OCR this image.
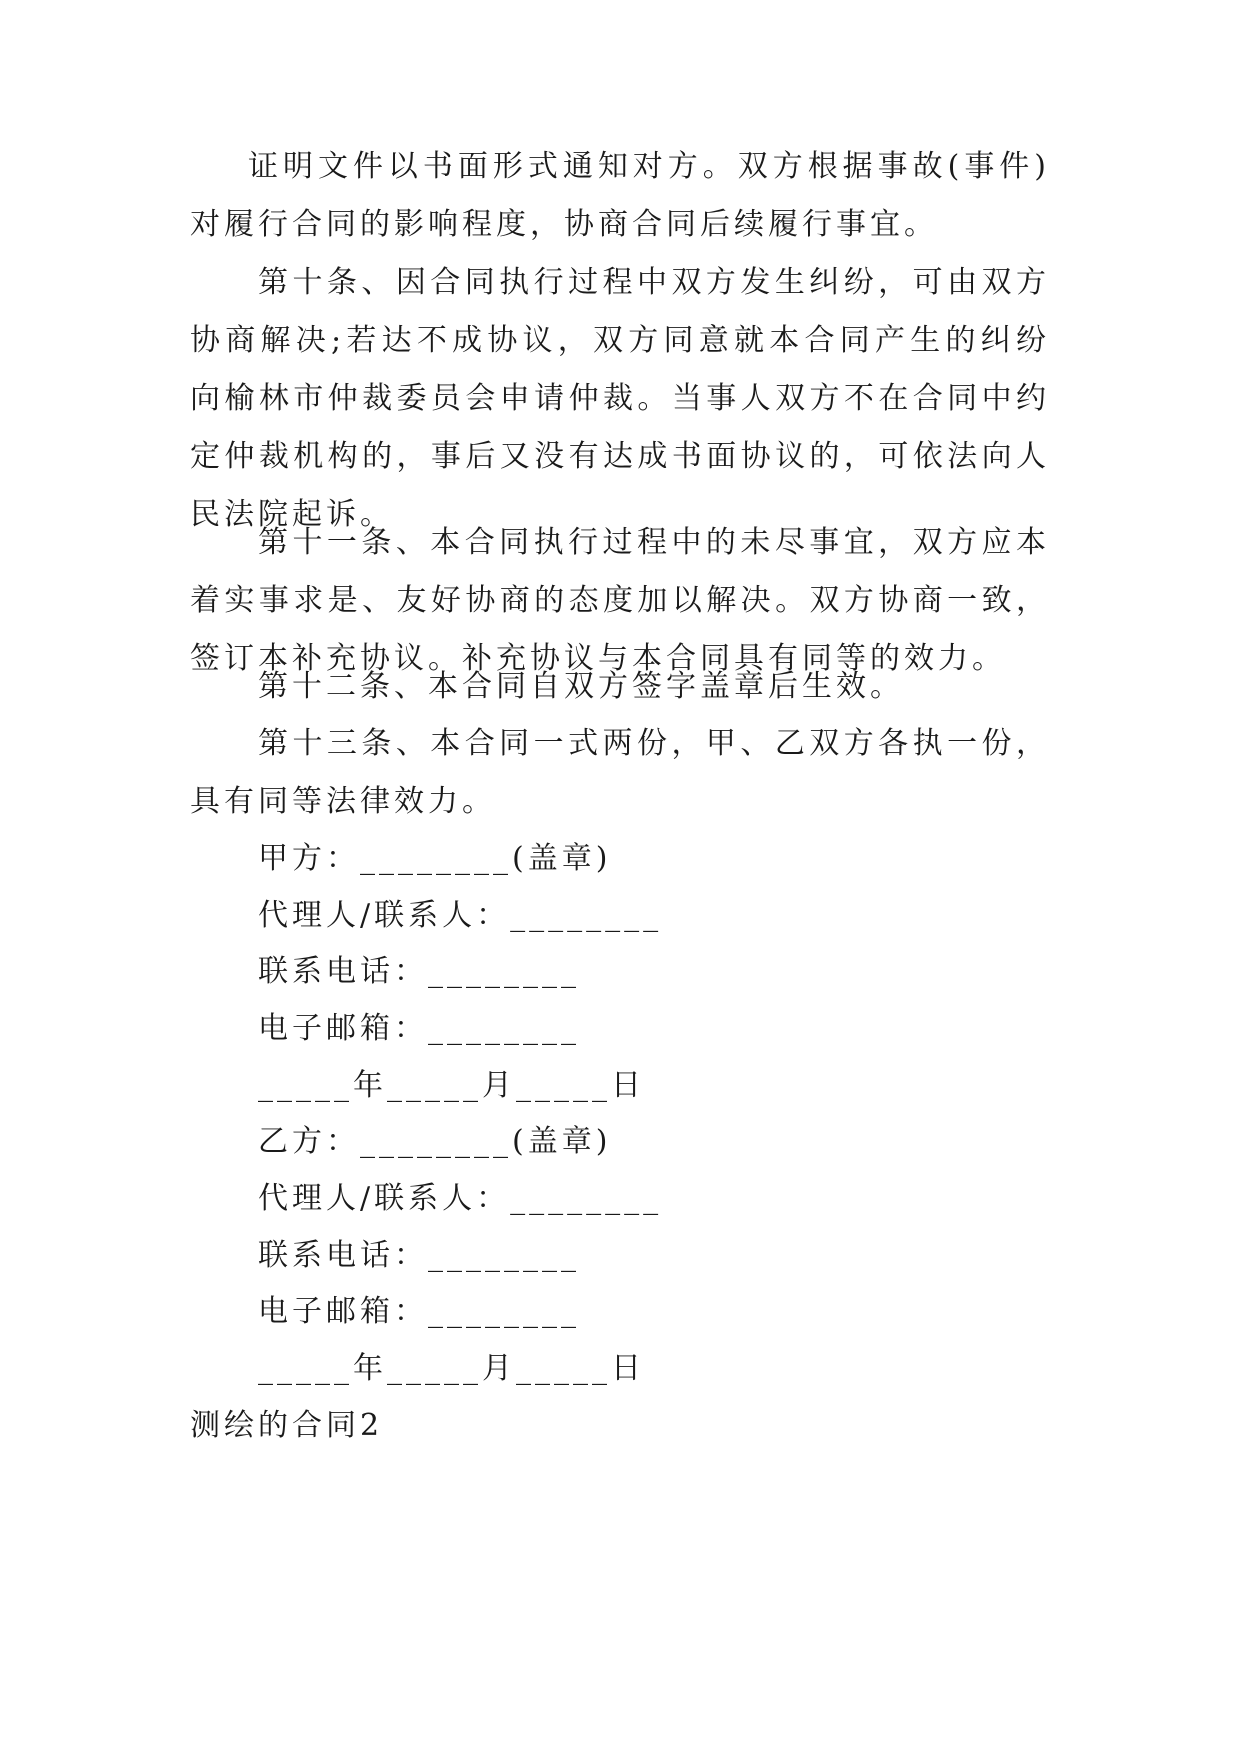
证明文件以书面形式通知对方。双方根据事故(事件)对履行合同的影响程度，协商合同后续履行事宜。

第十条、因合同执行过程中双方发生纠纷，可由双方协商解决;若达不成协议，双方同意就本合同产生的纠纷向榆林市仲裁委员会申请仲裁。当事人双方不在合同中约定仲裁机构的，事后又没有达成书面协议的，可依法向人民法院起诉。

第十一条、本合同执行过程中的未尽事宜，双方应本着实事求是、友好协商的态度加以解决。双方协商一致，签订本补充协议。补充协议与本合同具有同等的效力。

第十二条、本合同自双方签字盖章后生效。

第十三条、本合同一式两份，甲、乙双方各执一份，具有同等法律效力。

甲方：________(盖章)

代理人/联系人：________

联系电话：________

电子邮箱：________

_____年_____月_____日

乙方：________(盖章)

代理人/联系人：________

联系电话：________

电子邮箱：________

_____年_____月_____日

测绘的合同2
